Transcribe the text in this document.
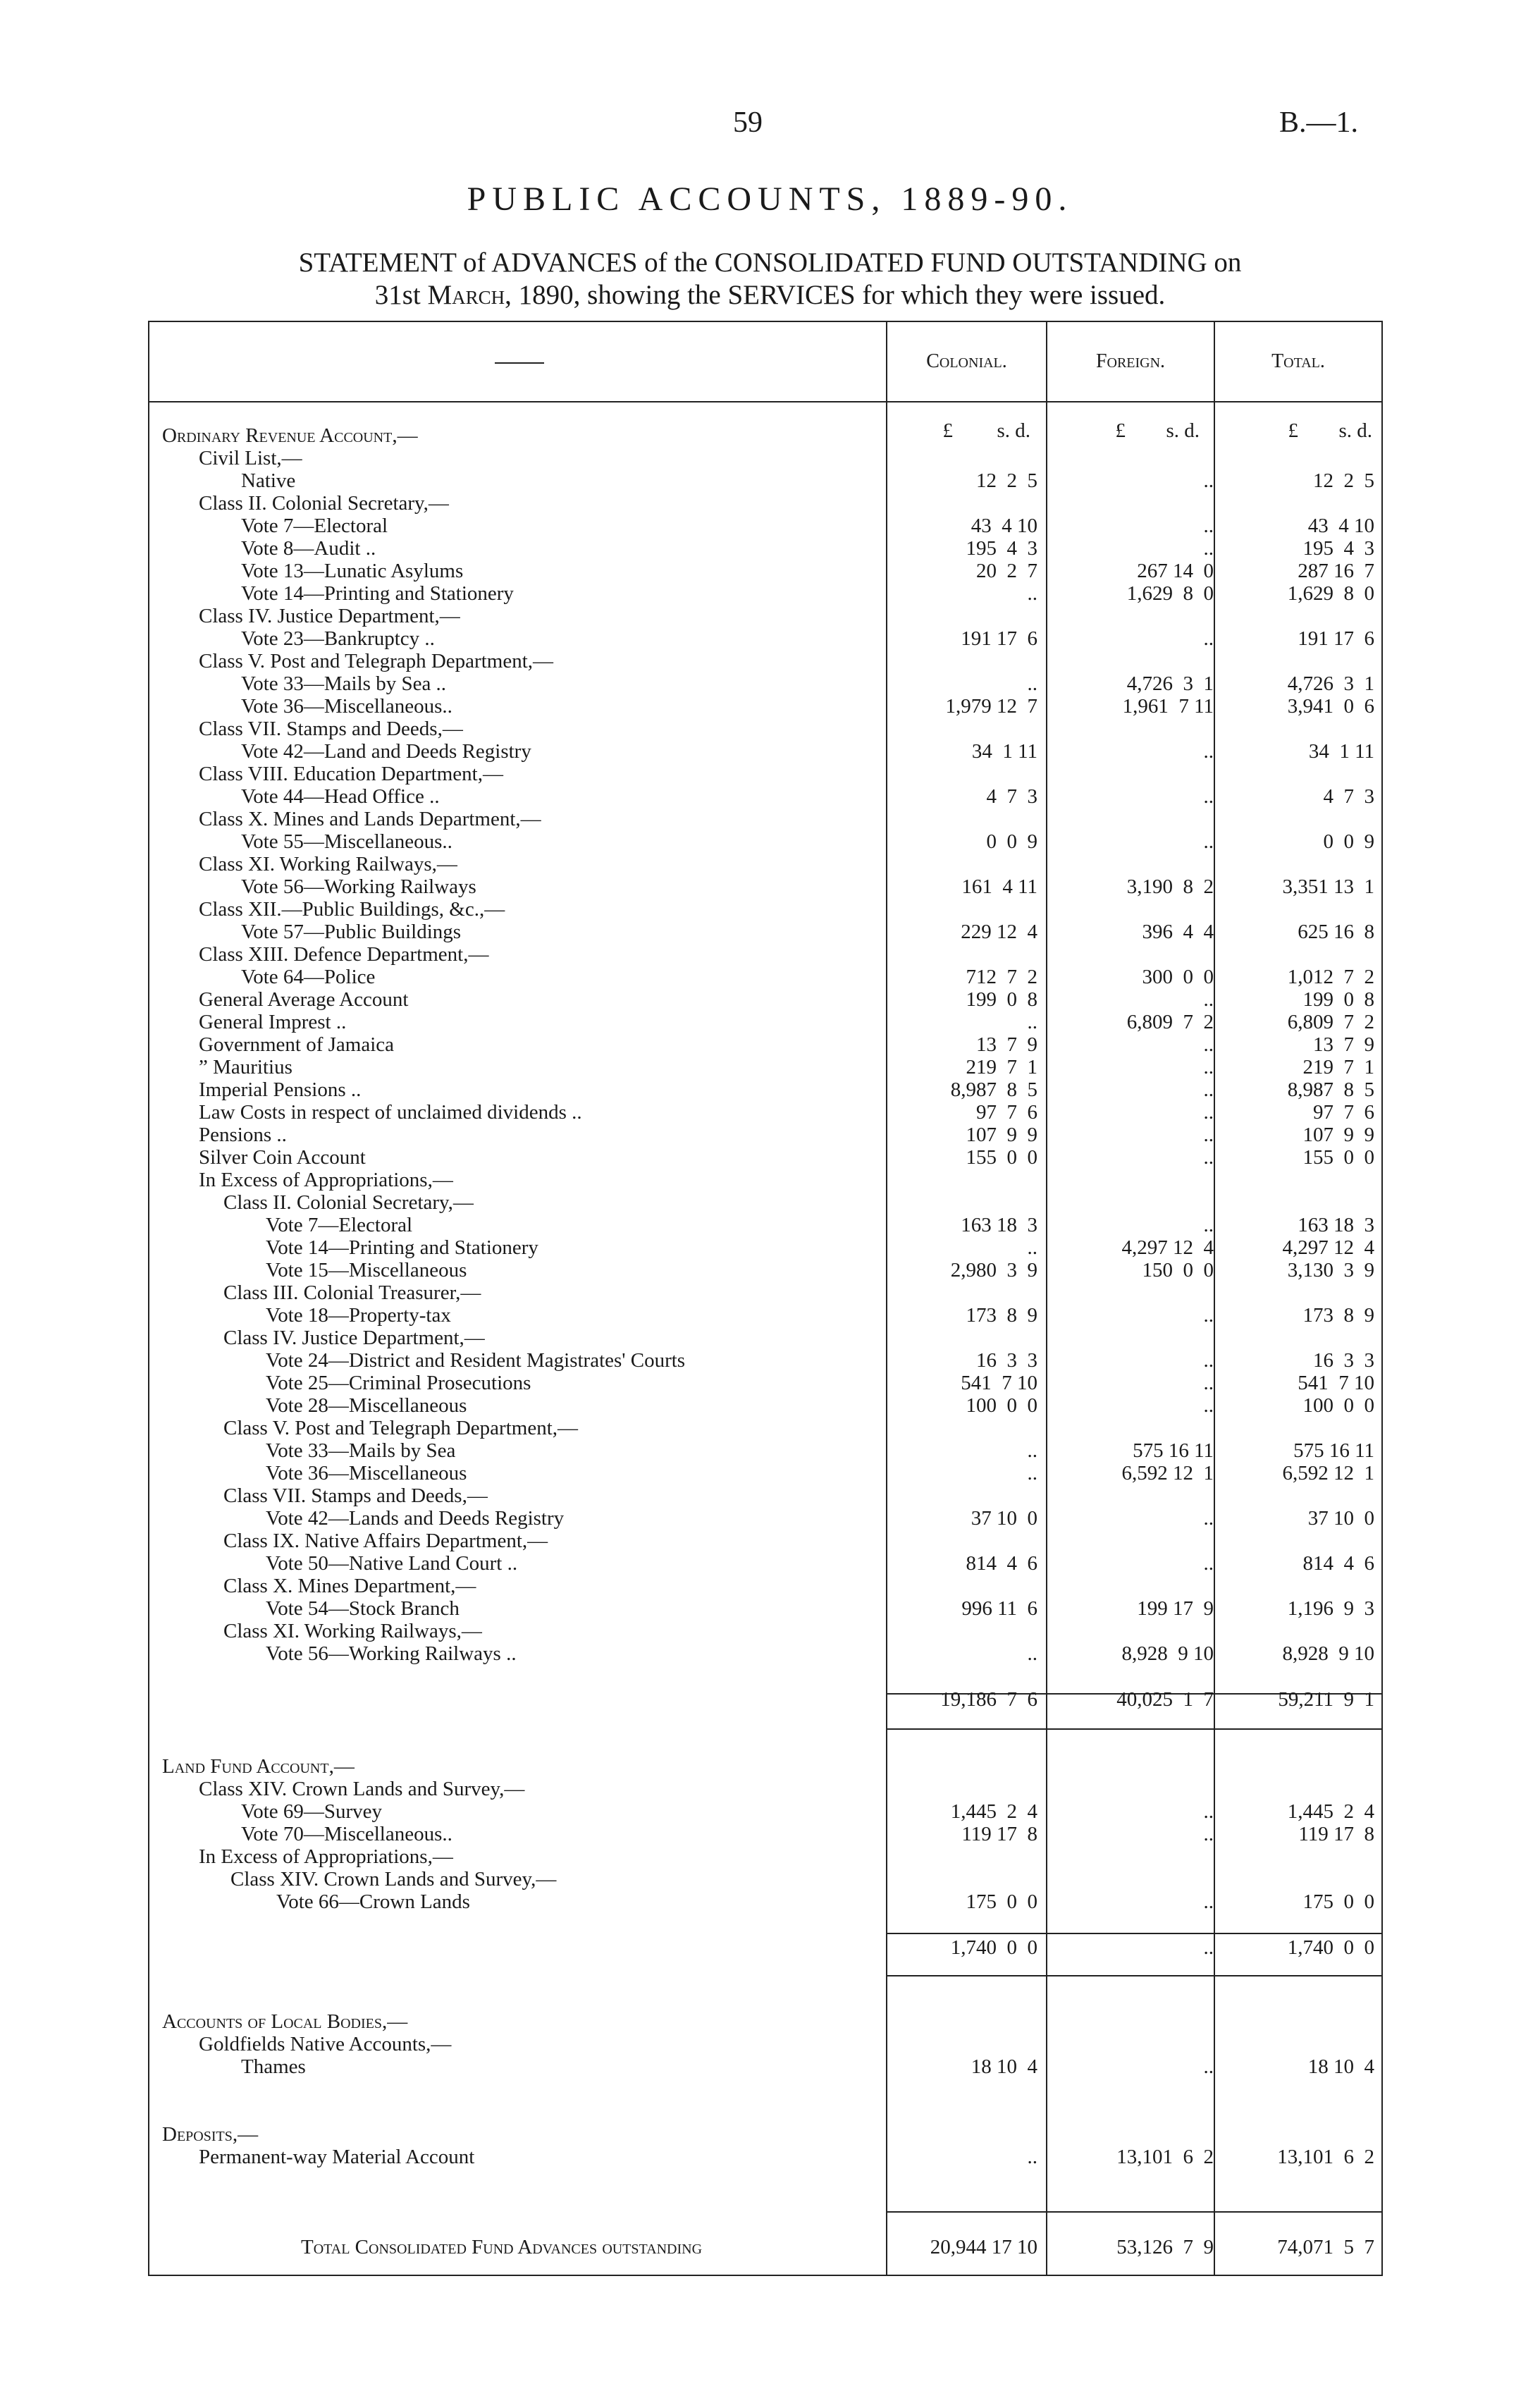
59	B.—1.
PUBLIC ACCOUNTS, 1889-90.
STATEMENT of ADVANCES of the CONSOLIDATED FUND OUTSTANDING on
31st March, 1890, showing the SERVICES for which they were issued.
Colonial.	Foreign.	Total.
£	s. d.	£	s. d.	£	s. d.
Ordinary Revenue Account,—
Civil List,—
Native	12  2  5	..	12  2  5
Class II. Colonial Secretary,—
Vote 7—Electoral	43  4 10	..	43  4 10
Vote 8—Audit ..	195  4  3	..	195  4  3
Vote 13—Lunatic Asylums	20  2  7	267 14  0	287 16  7
Vote 14—Printing and Stationery	..	1,629  8  0	1,629  8  0
Class IV. Justice Department,—
Vote 23—Bankruptcy ..	191 17  6	..	191 17  6
Class V. Post and Telegraph Department,—
Vote 33—Mails by Sea ..	..	4,726  3  1	4,726  3  1
Vote 36—Miscellaneous..	1,979 12  7	1,961  7 11	3,941  0  6
Class VII. Stamps and Deeds,—
Vote 42—Land and Deeds Registry	34  1 11	..	34  1 11
Class VIII. Education Department,—
Vote 44—Head Office ..	4  7  3	..	4  7  3
Class X. Mines and Lands Department,—
Vote 55—Miscellaneous..	0  0  9	..	0  0  9
Class XI. Working Railways,—
Vote 56—Working Railways	161  4 11	3,190  8  2	3,351 13  1
Class XII.—Public Buildings, &c.,—
Vote 57—Public Buildings	229 12  4	396  4  4	625 16  8
Class XIII. Defence Department,—
Vote 64—Police	712  7  2	300  0  0	1,012  7  2
General Average Account	199  0  8	..	199  0  8
General Imprest ..	..	6,809  7  2	6,809  7  2
Government of Jamaica	13  7  9	..	13  7  9
” Mauritius	219  7  1	..	219  7  1
Imperial Pensions ..	8,987  8  5	..	8,987  8  5
Law Costs in respect of unclaimed dividends ..	97  7  6	..	97  7  6
Pensions ..	107  9  9	..	107  9  9
Silver Coin Account	155  0  0	..	155  0  0
In Excess of Appropriations,—
Class II. Colonial Secretary,—
Vote 7—Electoral	163 18  3	..	163 18  3
Vote 14—Printing and Stationery	..	4,297 12  4	4,297 12  4
Vote 15—Miscellaneous	2,980  3  9	150  0  0	3,130  3  9
Class III. Colonial Treasurer,—
Vote 18—Property-tax	173  8  9	..	173  8  9
Class IV. Justice Department,—
Vote 24—District and Resident Magistrates' Courts	16  3  3	..	16  3  3
Vote 25—Criminal Prosecutions	541  7 10	..	541  7 10
Vote 28—Miscellaneous	100  0  0	..	100  0  0
Class V. Post and Telegraph Department,—
Vote 33—Mails by Sea	..	575 16 11	575 16 11
Vote 36—Miscellaneous	..	6,592 12  1	6,592 12  1
Class VII. Stamps and Deeds,—
Vote 42—Lands and Deeds Registry	37 10  0	..	37 10  0
Class IX. Native Affairs Department,—
Vote 50—Native Land Court ..	814  4  6	..	814  4  6
Class X. Mines Department,—
Vote 54—Stock Branch	996 11  6	199 17  9	1,196  9  3
Class XI. Working Railways,—
Vote 56—Working Railways ..	..	8,928  9 10	8,928  9 10
19,186  7  6	40,025  1  7	59,211  9  1
Land Fund Account,—
Class XIV. Crown Lands and Survey,—
Vote 69—Survey	1,445  2  4	..	1,445  2  4
Vote 70—Miscellaneous..	119 17  8	..	119 17  8
In Excess of Appropriations,—
Class XIV. Crown Lands and Survey,—
Vote 66—Crown Lands	175  0  0	..	175  0  0
1,740  0  0	..	1,740  0  0
Accounts of Local Bodies,—
Goldfields Native Accounts,—
Thames	18 10  4	..	18 10  4
Deposits,—
Permanent-way Material Account	..	13,101  6  2	13,101  6  2
Total Consolidated Fund Advances outstanding	20,944 17 10	53,126  7  9	74,071  5  7
